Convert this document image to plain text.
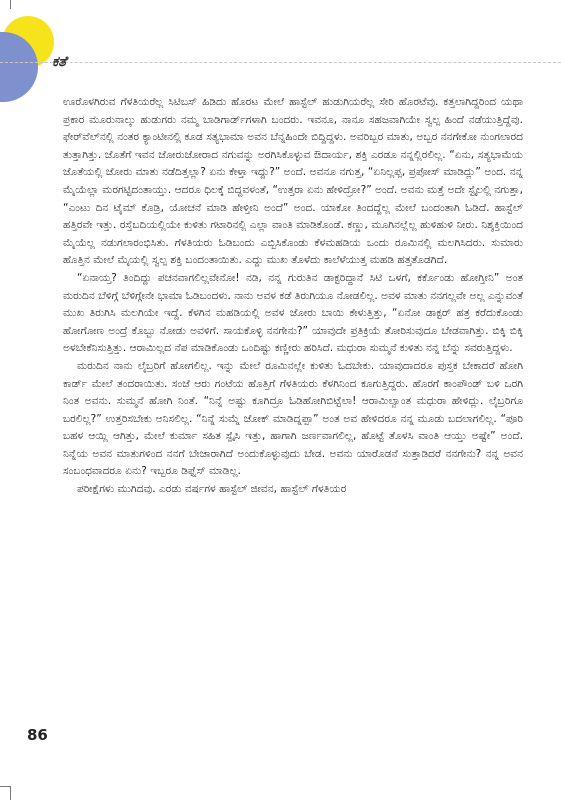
ಕತೆ

ಊರೊಳಗಿರುವ ಗೆಳತಿಯರೆಲ್ಲ ಸಿಟಿಬಸ್ ಹಿಡಿದು ಹೊರಟ ಮೇಲೆ ಹಾಸ್ಟೆಲ್ ಹುಡುಗಿಯರೆಲ್ಲ ಸೇರಿ ಹೊರಟೆವು. ಕತ್ತಲಾಗಿದ್ದರಿಂದ ಯಥಾ ಪ್ರಕಾರ ಮೂರುನಾಲ್ಕು ಹುಡುಗರು ನಮ್ಮ ಬಾಡಿಗಾರ್ಡ್‌ಗಳಾಗಿ ಬಂದರು. ಇವನೂ, ನಾನೂ ಸಹಜವಾಗಿಯೇ ಸ್ವಲ್ಪ ಹಿಂದೆ ನಡೆಯುತ್ತಿದ್ದೆವು. ಫೇರ್‌ವೆಲ್‌ನಲ್ಲಿ ನಂತರ ಕ್ಯಾಂಟೀನಲ್ಲಿ ಕೂಡ ಸತ್ಯಭಾಮಾ ಅವನ ಬೆನ್ನಹಿಂದೇ ಬಿದ್ದಿದ್ದಳು. ಅವರಿಬ್ಬರ ಮಾತು, ಅಬ್ಬರ ನನಗೇಕೋ ನುಂಗಲಾರದ ತುತ್ತಾಗಿತ್ತು. ಜೊತೆಗೆ ಇವನ ಜೋರುಜೋರಾದ ನಗುವನ್ನು ಅರಗಿಸಿಕೊಳ್ಳುವ ಔದಾರ್ಯ, ಶಕ್ತಿ ಎರಡೂ ನನ್ನಲ್ಲಿರಲಿಲ್ಲ. “ಏನು, ಸತ್ಯಭಾಮೆಯ ಜೊತೆಯಲ್ಲಿ ಜೋರು ಮಾತು ನಡೆದಿತ್ತಲ್ಲಾ? ಏನು ಕೇಳ್ತಾ ಇದ್ದು?” ಅಂದೆ. ಅವನೂ ನಗುತ್ತ, “ಏನಿಲ್ಲಪ್ಪ, ಪ್ರಪೋಸ್ ಮಾಡಿದ್ಲು” ಅಂದ. ನನ್ನ ಮೈಯೆಲ್ಲಾ ಮರಗಟ್ಟಿದಂತಾಯ್ತು. ಆದರೂ ಧಿಲಕ್ಕೆ ಬಿದ್ದವಳಂತೆ, “ಉತ್ತರಾ ಏನು ಹೇಳಿದ್ರೋ?” ಅಂದೆ. ಅವನು ಮತ್ತೆ ಅದೇ ಸ್ಟೈಲಲ್ಲಿ ನಗುತ್ತಾ, “ಎಂಟು ದಿನ ಟೈಮ್ ಕೊಡ್ರಿ, ಯೋಚನೆ ಮಾಡಿ ಹೇಳ್ತೀನಿ ಅಂದೆ” ಅಂದ. ಯಾಕೋ ತಿಂದದ್ದೆಲ್ಲ ಮೇಲೆ ಬಂದಂತಾಗಿ ಓಡಿದೆ. ಹಾಸ್ಟೆಲ್ ಹತ್ತಿರವೇ ಇತ್ತು. ರಸ್ತೆಬದಿಯಲ್ಲಿಯೇ ಕುಳಿತು ಗಟಾರಿನಲ್ಲಿ ಎಲ್ಲಾ ವಾಂತಿ ಮಾಡಿಕೊಂಡೆ. ಕಣ್ಣು, ಮೂಗಿನಲ್ಲೆಲ್ಲ ಹುಳಿಹುಳಿ ನೀರು. ನಿಶ್ಶಕ್ತಿಯಿಂದ ಮೈಯೆಲ್ಲ ನಡುಗಲಾರಂಭಿಸಿತು. ಗೆಳತಿಯರು ಓಡಿಬಂದು ಎಬ್ಬಿಸಿಕೊಂಡು ಕೆಳಮಹಡಿಯ ಒಂದು ರೂಮಿನಲ್ಲಿ ಮಲಗಿಸಿದರು. ಸುಮಾರು ಹೊತ್ತಿನ ಮೇಲೆ ಮೈಯಲ್ಲಿ ಸ್ವಲ್ಪ ಶಕ್ತಿ ಬಂದಂತಾಯಿತು. ಎದ್ದು ಮುಖ ತೊಳೆದು ಕಾಲೆಳೆಯುತ್ತ ಮಹಡಿ ಹತ್ತತೊಡಗಿದೆ.

“ಏನಾಯ್ತ? ತಿಂದಿದ್ದು ಪಚನವಾಗಲಿಲ್ಲವೇನೋ! ನಡಿ, ನನ್ನ ಗುರುತಿನ ಡಾಕ್ಟರಿದ್ದಾನೆ ಸಿಟಿ ಒಳಗೆ, ಕರ್ಕೊಂಡು ಹೋಗ್ತೀನಿ” ಅಂತ ಮರುದಿನ ಬೆಳಿಗ್ಗೆ ಬೆಳಿಗ್ಗೇನೇ ಭಾಮಾ ಓಡಿಬಂದಳು. ನಾನು ಅವಳ ಕಡೆ ತಿರುಗಿಯೂ ನೋಡಲಿಲ್ಲ. ಅವಳ ಮಾತು ನನಗಲ್ಲವೇ ಅಲ್ಲ ಎನ್ನುವಂತೆ ಮುಖ ತಿರುಗಿಸಿ ಮಲಗಿಯೇ ಇದ್ದೆ. ಕೆಳಗಿನ ಮಹಡಿಯಲ್ಲಿ ಅವಳ ಜೋರು ಬಾಯಿ ಕೇಳುತ್ತಿತ್ತು, “ಏನೋ ಡಾಕ್ಟರ್ ಹತ್ರ ಕರೆದುಕೊಂಡು ಹೋಗೋಣ ಅಂದ್ರೆ ಕೊಬ್ಬು ನೋಡು ಅವಳಿಗೆ. ಸಾಯಕೊಳ್ಳಿ ನನಗೇನು?” ಯಾವುದೇ ಪ್ರತಿಕ್ರಿಯೆ ತೋರಿಸುವುದೂ ಬೇಡವಾಗಿತ್ತು. ಬಿಕ್ಕಿ ಬಿಕ್ಕಿ ಅಳಬೇಕೆನಿಸುತ್ತಿತ್ತು. ಆರಾಮಿಲ್ಲದ ನೆಪ ಮಾಡಿಕೊಂಡು ಒಂದಿಷ್ಟು ಕಣ್ಣೀರು ಹರಿಸಿದೆ. ಮಧುರಾ ಸುಮ್ಮನೆ ಕುಳಿತು ನನ್ನ ಬೆನ್ನು ಸವರುತ್ತಿದ್ದಳು.

ಮರುದಿನ ನಾನು ಲೈಬ್ರರಿಗೆ ಹೋಗಲಿಲ್ಲ. ಇನ್ನು ಮೇಲೆ ರೂಮಿನಲ್ಲೇ ಕುಳಿತು ಓದಬೇಕು. ಯಾವುದಾದರೂ ಪುಸ್ತಕ ಬೇಕಾದರೆ ಹೋಗಿ ಕಾರ್ಡ್ ಮೇಲೆ ತಂದರಾಯಿತು. ಸಂಜೆ ಆರು ಗಂಟೆಯ ಹೊತ್ತಿಗೆ ಗೆಳತಿಯರು ಕೆಳಗಿನಿಂದ ಕೂಗುತ್ತಿದ್ದರು. ಹೊರಗೆ ಕಾಂಪೌಂಡ್ ಬಳಿ ಒರಗಿ ನಿಂತ ಅವನು. ಸುಮ್ಮನೆ ಹೋಗಿ ನಿಂತೆ. “ನಿನ್ನೆ ಅಷ್ಟು ಕೂಗಿದ್ರೂ ಓಡಿಹೋಗಿಬಿಟ್ಟೆಲಾ! ಆರಾಮಿಲ್ವಾಂತ ಮಧುರಾ ಹೇಳಿದ್ಲು. ಲೈಬ್ರರಿಗೂ ಬರಲಿಲ್ಲ?” ಉತ್ತರಿಸಬೇಕು ಅನಿಸಲಿಲ್ಲ. “ನಿನ್ನೆ ಸುಮ್ನೆ ಜೋಕ್ ಮಾಡಿದ್ನಪ್ಪಾ” ಅಂತ ಅವ ಹೇಳಿದರೂ ನನ್ನ ಮೂಡು ಬದಲಾಗಲಿಲ್ಲ. “ಪೂರಿ ಬಹಳ ಆಯ್ಲಿ ಆಗಿತ್ತು, ಮೇಲೆ ಕುರ್ಮಾ ಸಹಿತ ಸ್ಪೈಸಿ ಇತ್ತು, ಹಾಗಾಗಿ ಜರ್ಣವಾಗಲಿಲ್ಲ, ಹೊಟ್ಟೆ ತೊಳಸಿ ವಾಂತಿ ಆಯ್ತು ಅಷ್ಟೇ” ಅಂದೆ. ನಿನ್ನೆಯ ಅವನ ಮಾತುಗಳಿಂದ ನನಗೆ ಬೇಜಾರಾಗಿದೆ ಅಂದುಕೊಳ್ಳುವುದು ಬೇಡ. ಅವನು ಯಾರೊಡನೆ ಸುತ್ತಾಡಿದರೆ ನನಗೇನು? ನನ್ನ ಅವನ ಸಂಬಂಧವಾದರೂ ಏನು? ಇಬ್ಬರೂ ಡಿಫ್ನೆಸ್ ಮಾಡಿಲ್ಲ.

ಪರೀಕ್ಷೆಗಳು ಮುಗಿದವು. ಎರಡು ವರ್ಷಗಳ ಹಾಸ್ಟೆಲ್ ಜೀವನ, ಹಾಸ್ಟೆಲ್ ಗೆಳತಿಯರ

86
